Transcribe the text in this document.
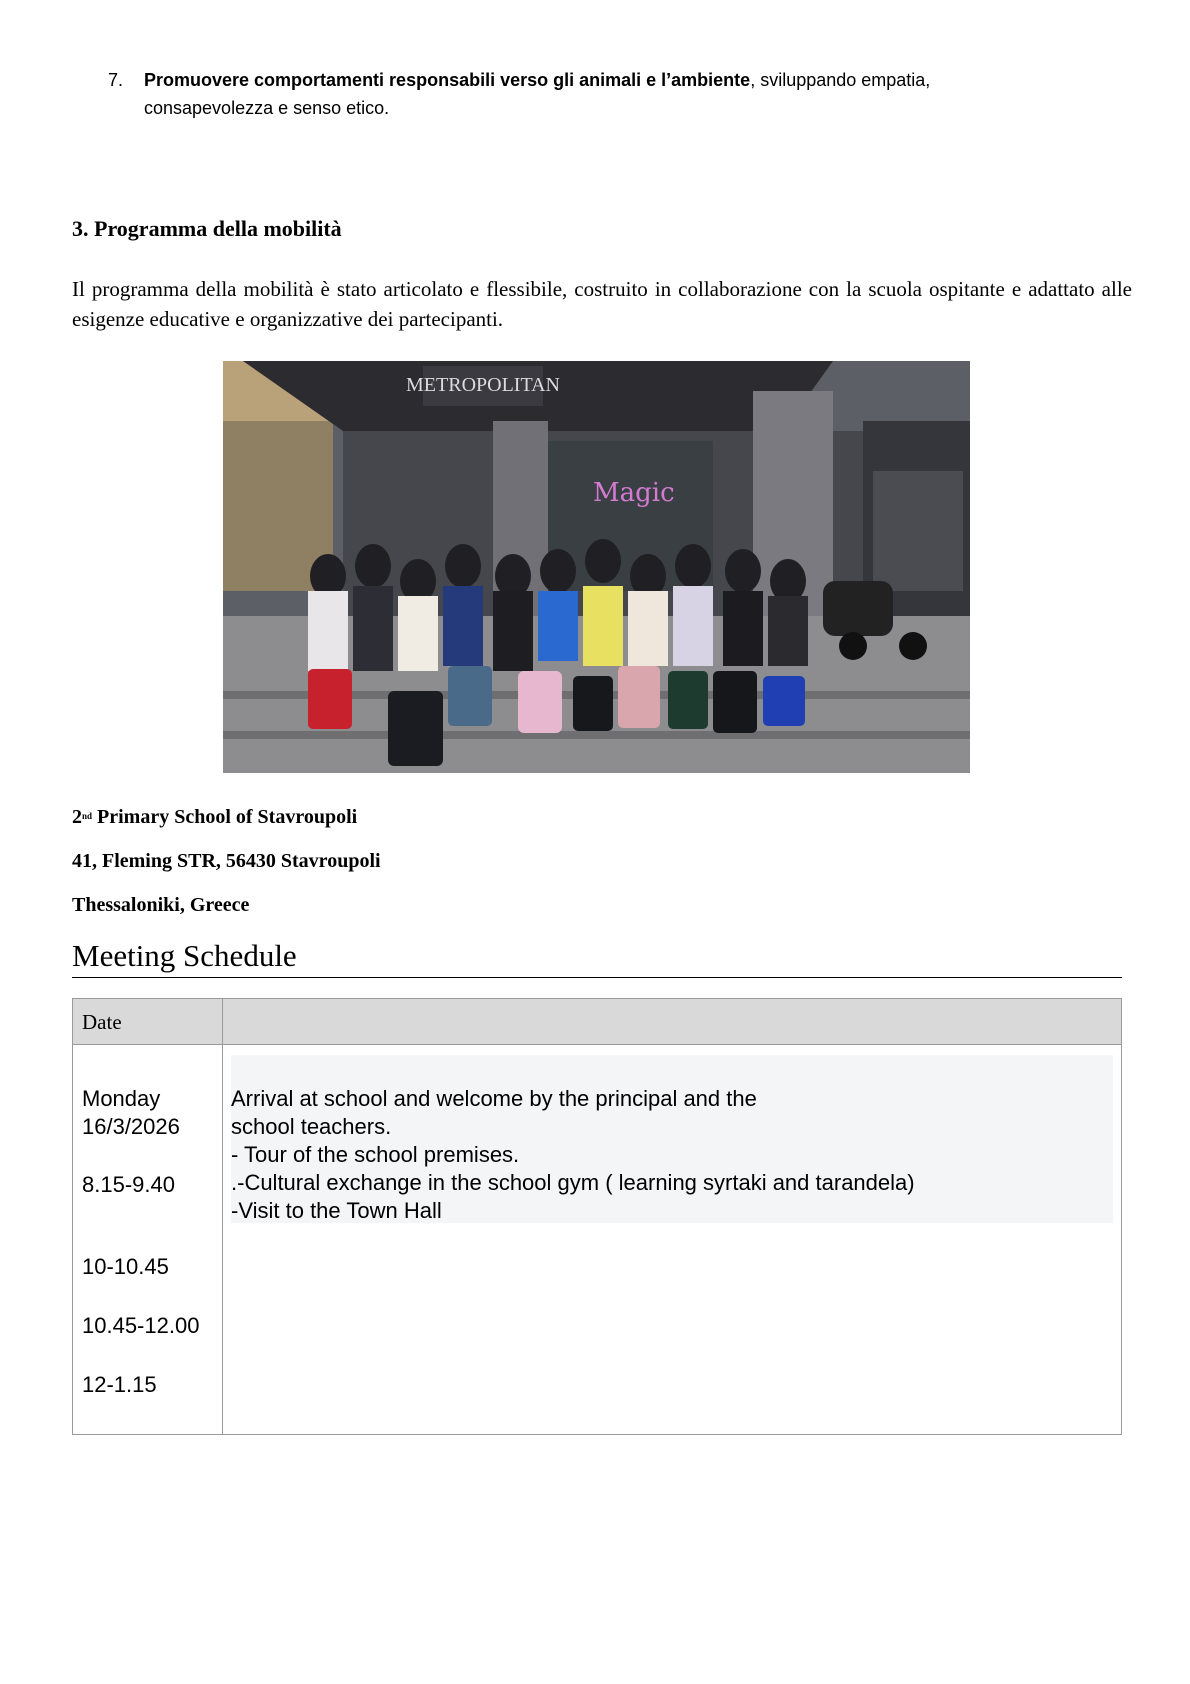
7. Promuovere comportamenti responsabili verso gli animali e l’ambiente, sviluppando empatia,
consapevolezza e senso etico.
3. Programma della mobilità
Il programma della mobilità è stato articolato e flessibile, costruito in collaborazione con la scuola ospitante e adattato alle esigenze educative e organizzative dei partecipanti.
METROPOLITAN
Magic
2nd Primary School of Stavroupoli
41, Fleming STR, 56430 Stavroupoli
Thessaloniki, Greece
Meeting Schedule
Date
Monday
16/3/2026
8.15-9.40
10-10.45
10.45-12.00
12-1.15
Arrival at school and welcome by the principal and the
school teachers.
- Tour of the school premises.
.-Cultural exchange in the school gym ( learning syrtaki and tarandela)
-Visit to the Town Hall
